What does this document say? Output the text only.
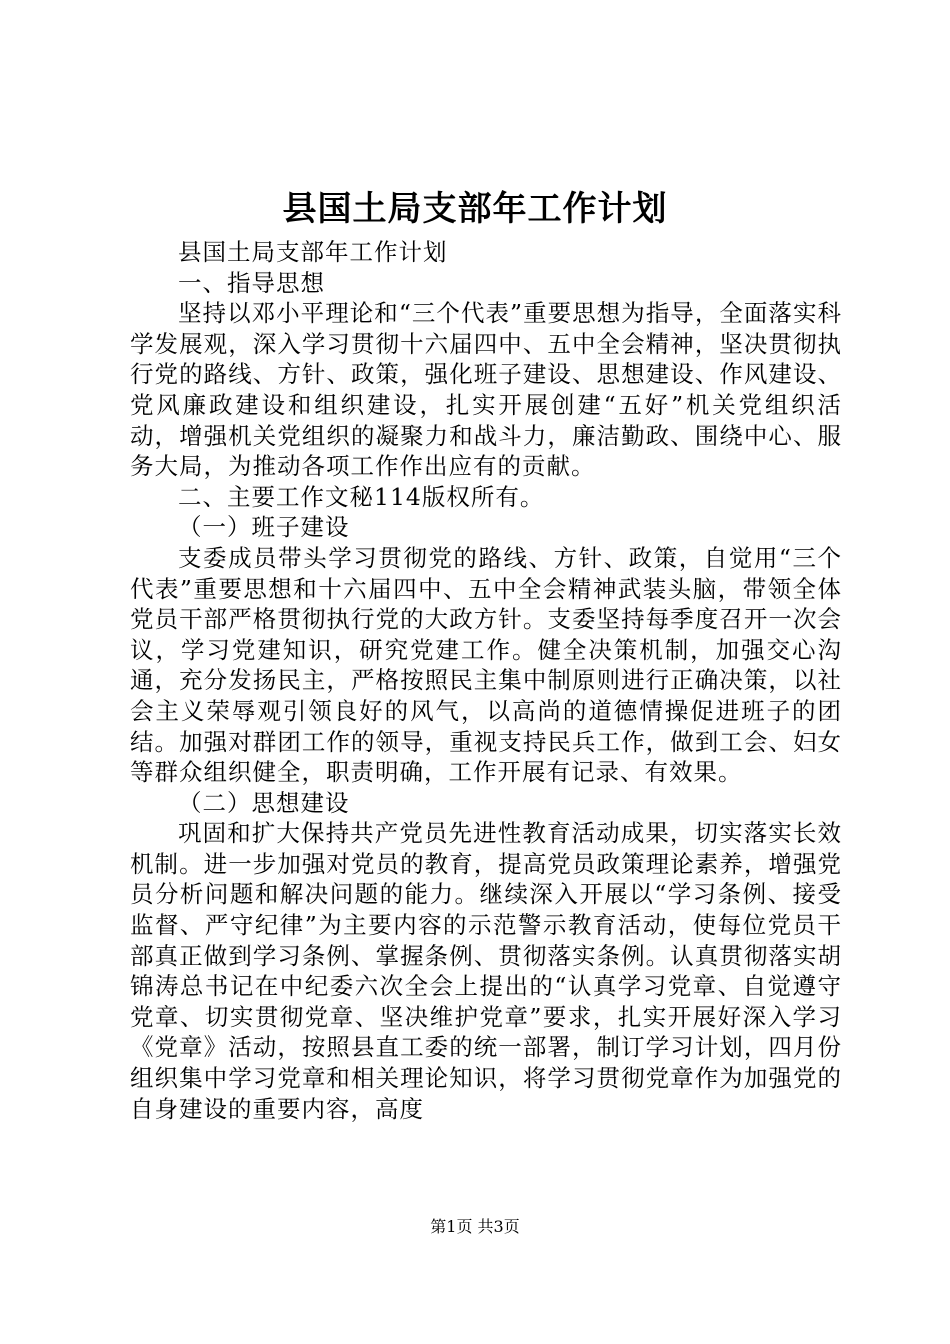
县国土局支部年工作计划

县国土局支部年工作计划

一、指导思想

坚持以邓小平理论和“三个代表”重要思想为指导，全面落实科学发展观，深入学习贯彻十六届四中、五中全会精神，坚决贯彻执行党的路线、方针、政策，强化班子建设、思想建设、作风建设、党风廉政建设和组织建设，扎实开展创建“五好”机关党组织活动，增强机关党组织的凝聚力和战斗力，廉洁勤政、围绕中心、服务大局，为推动各项工作作出应有的贡献。

二、主要工作文秘114版权所有。

（一）班子建设

支委成员带头学习贯彻党的路线、方针、政策，自觉用“三个代表”重要思想和十六届四中、五中全会精神武装头脑，带领全体党员干部严格贯彻执行党的大政方针。支委坚持每季度召开一次会议，学习党建知识，研究党建工作。健全决策机制，加强交心沟通，充分发扬民主，严格按照民主集中制原则进行正确决策，以社会主义荣辱观引领良好的风气，以高尚的道德情操促进班子的团结。加强对群团工作的领导，重视支持民兵工作，做到工会、妇女等群众组织健全，职责明确，工作开展有记录、有效果。

（二）思想建设

巩固和扩大保持共产党员先进性教育活动成果，切实落实长效机制。进一步加强对党员的教育，提高党员政策理论素养，增强党员分析问题和解决问题的能力。继续深入开展以“学习条例、接受监督、严守纪律”为主要内容的示范警示教育活动，使每位党员干部真正做到学习条例、掌握条例、贯彻落实条例。认真贯彻落实胡锦涛总书记在中纪委六次全会上提出的“认真学习党章、自觉遵守党章、切实贯彻党章、坚决维护党章”要求，扎实开展好深入学习《党章》活动，按照县直工委的统一部署，制订学习计划，四月份组织集中学习党章和相关理论知识，将学习贯彻党章作为加强党的自身建设的重要内容，高度

第1页 共3页
